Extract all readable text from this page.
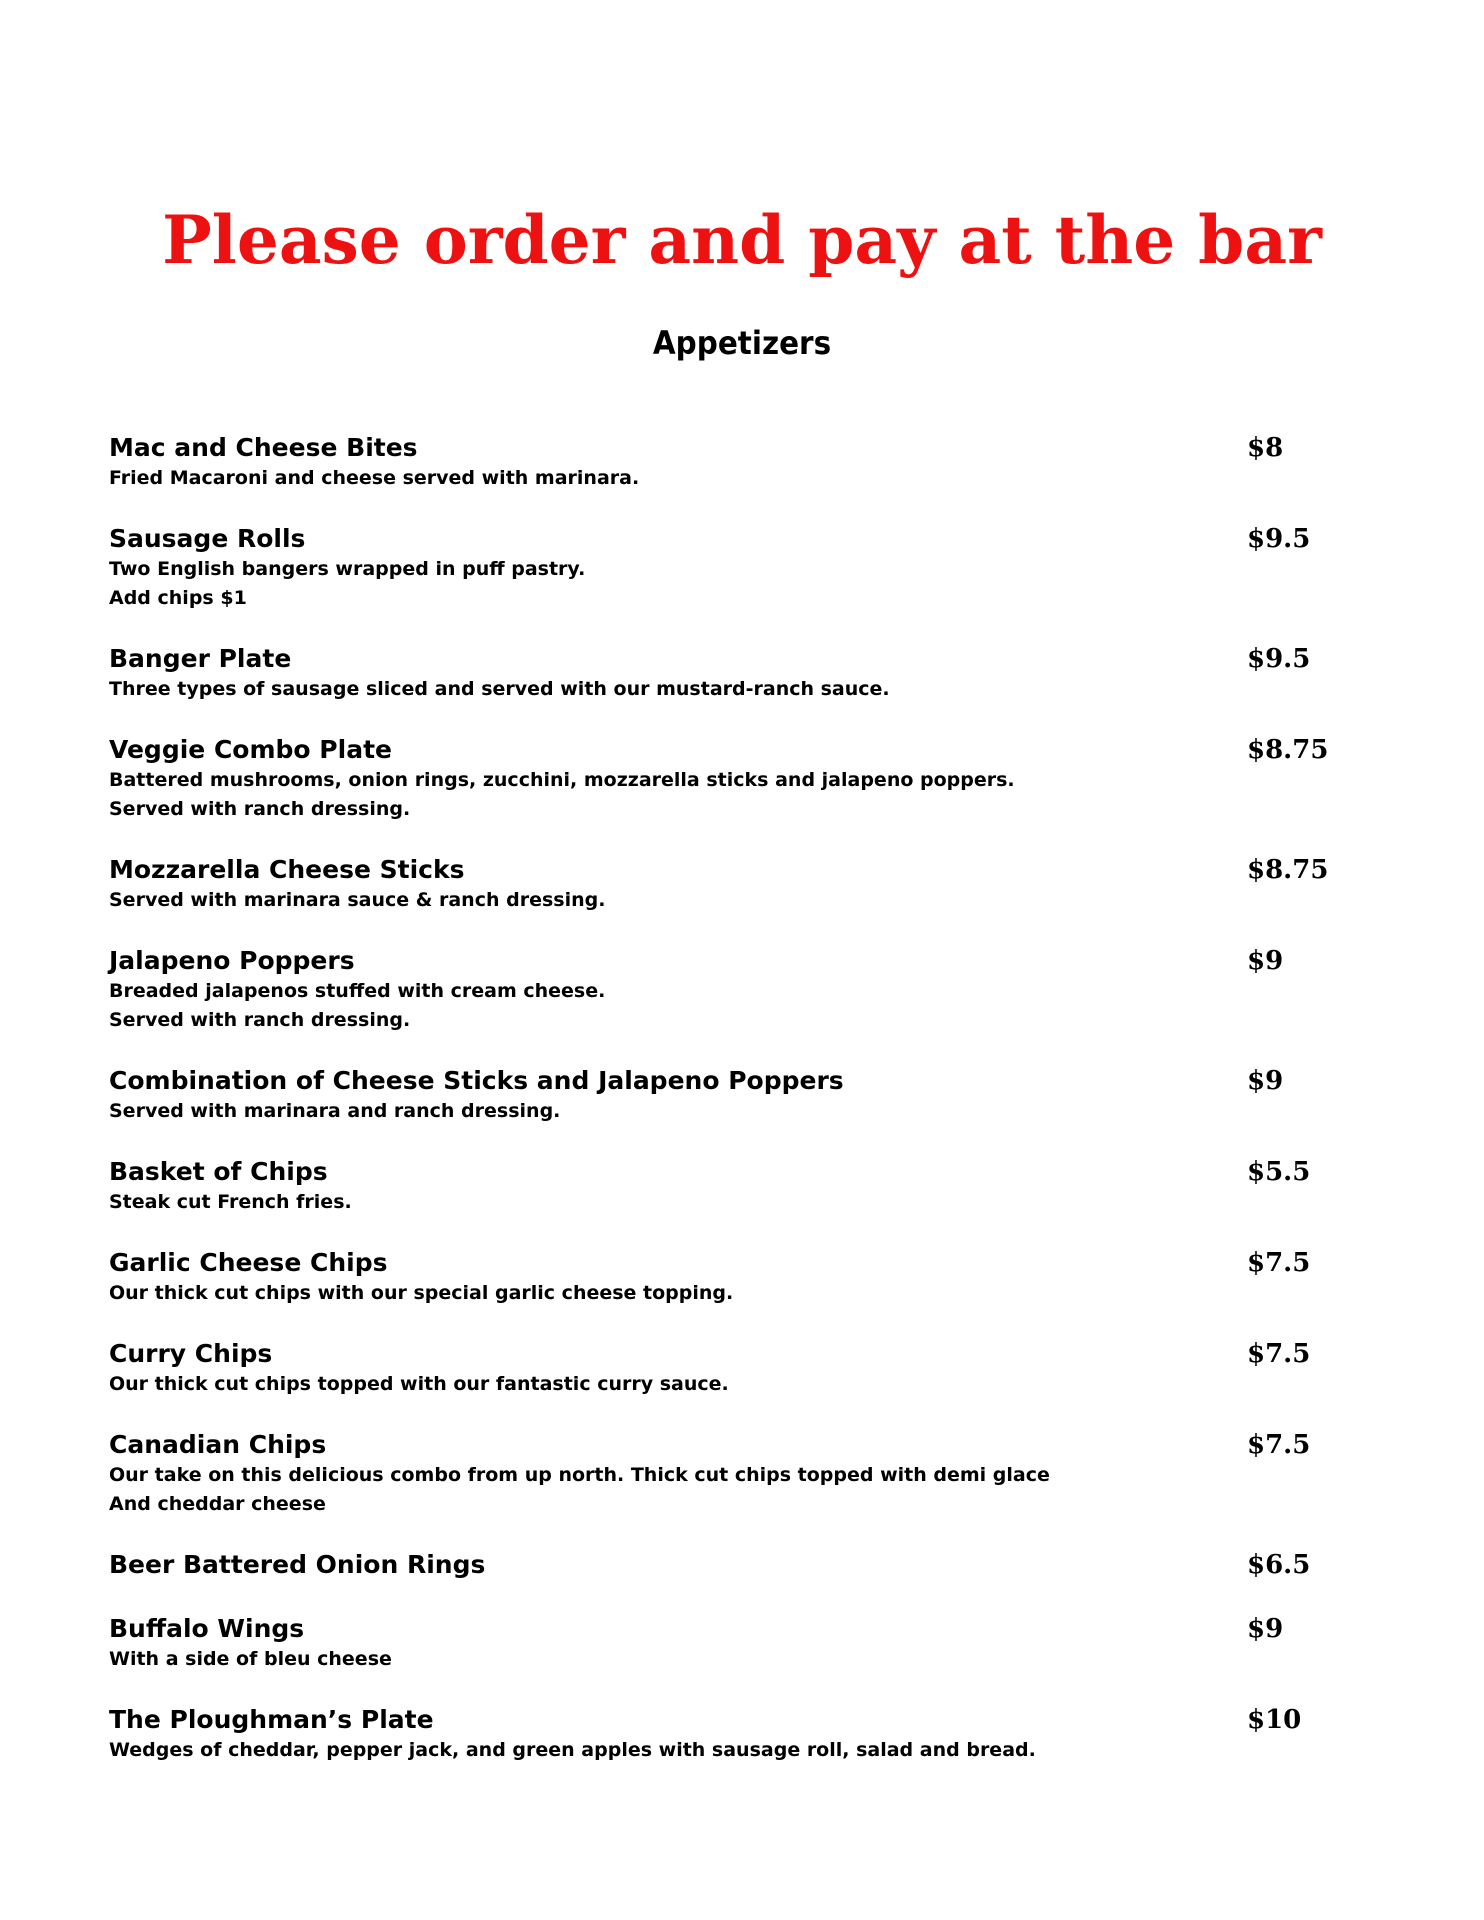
Please order and pay at the bar
Appetizers
Mac and Cheese Bites	$8
Fried Macaroni and cheese served with marinara.
Sausage Rolls	$9.5
Two English bangers wrapped in puff pastry.
Add chips $1
Banger Plate	$9.5
Three types of sausage sliced and served with our mustard-ranch sauce.
Veggie Combo Plate	$8.75
Battered mushrooms, onion rings, zucchini, mozzarella sticks and jalapeno poppers.
Served with ranch dressing.
Mozzarella Cheese Sticks	$8.75
Served with marinara sauce & ranch dressing.
Jalapeno Poppers	$9
Breaded jalapenos stuffed with cream cheese.
Served with ranch dressing.
Combination of Cheese Sticks and Jalapeno Poppers	$9
Served with marinara and ranch dressing.
Basket of Chips	$5.5
Steak cut French fries.
Garlic Cheese Chips	$7.5
Our thick cut chips with our special garlic cheese topping.
Curry Chips	$7.5
Our thick cut chips topped with our fantastic curry sauce.
Canadian Chips	$7.5
Our take on this delicious combo from up north. Thick cut chips topped with demi glace
And cheddar cheese
Beer Battered Onion Rings	$6.5
Buffalo Wings	$9
With a side of bleu cheese
The Ploughman’s Plate	$10
Wedges of cheddar, pepper jack, and green apples with sausage roll, salad and bread.
